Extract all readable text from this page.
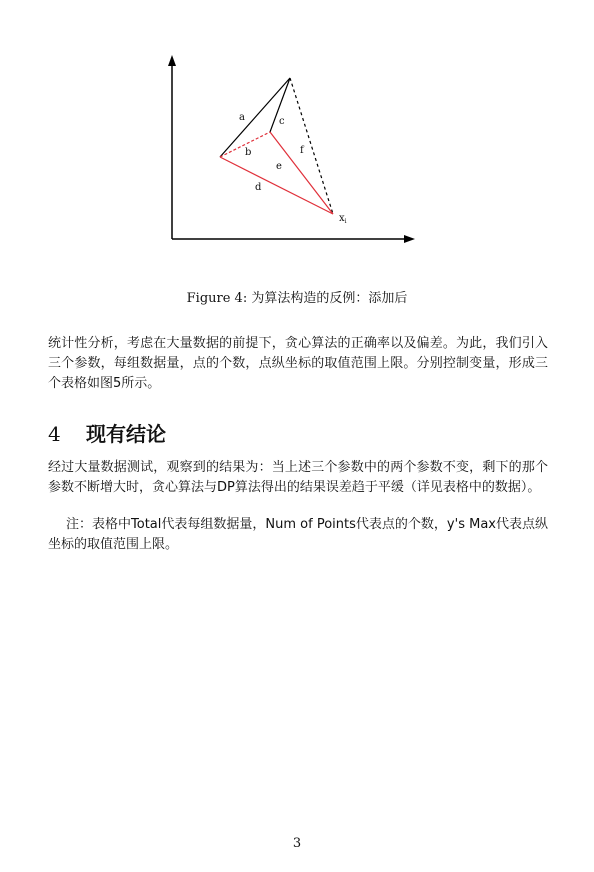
a	c
b	f
e
d
$x_i$
Figure 4: 为算法构造的反例：添加后
统计性分析，考虑在大量数据的前提下，贪心算法的正确率以及偏差。为此，我们引入三个参数，每组数据量，点的个数，点纵坐标的取值范围上限。分别控制变量，形成三个表格如图5所示。
4 现有结论
经过大量数据测试，观察到的结果为：当上述三个参数中的两个参数不变，剩下的那个参数不断增大时，贪心算法与DP算法得出的结果误差趋于平缓（详见表格中的数据）。
注：表格中Total代表每组数据量，Num of Points代表点的个数，y's Max代表点纵坐标的取值范围上限。
3
